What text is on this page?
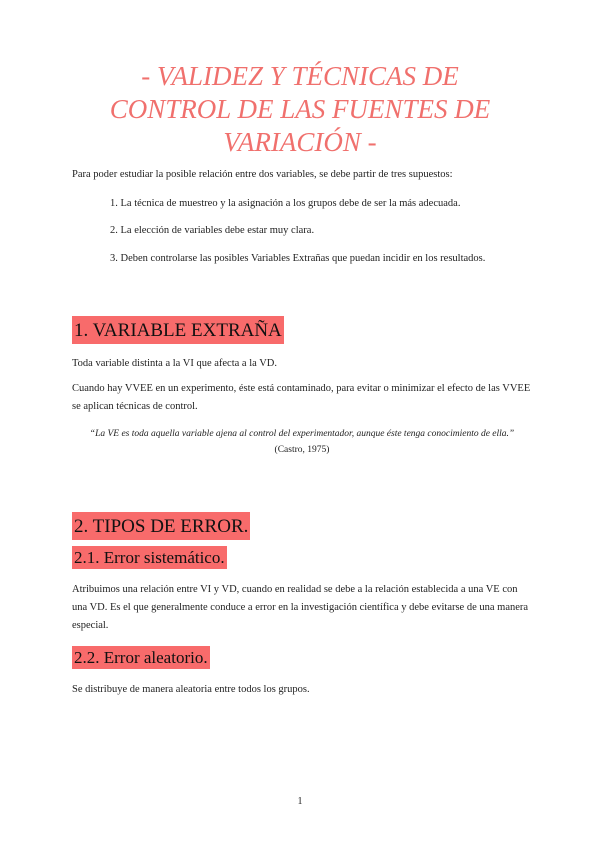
- VALIDEZ Y TÉCNICAS DE CONTROL DE LAS FUENTES DE VARIACIÓN -
Para poder estudiar la posible relación entre dos variables, se debe partir de tres supuestos:
1. La técnica de muestreo y la asignación a los grupos debe de ser la más adecuada.
2. La elección de variables debe estar muy clara.
3. Deben controlarse las posibles Variables Extrañas que puedan incidir en los resultados.
1. VARIABLE EXTRAÑA
Toda variable distinta a la VI que afecta a la VD.
Cuando hay VVEE en un experimento, éste está contaminado, para evitar o minimizar el efecto de las VVEE se aplican técnicas de control.
“La VE es toda aquella variable ajena al control del experimentador, aunque éste tenga conocimiento de ella.”
(Castro, 1975)
2. TIPOS DE ERROR.
2.1. Error sistemático.
Atribuimos una relación entre VI y VD, cuando en realidad se debe a la relación establecida a una VE con una VD. Es el que generalmente conduce a error en la investigación científica y debe evitarse de una manera especial.
2.2. Error aleatorio.
Se distribuye de manera aleatoria entre todos los grupos.
1
